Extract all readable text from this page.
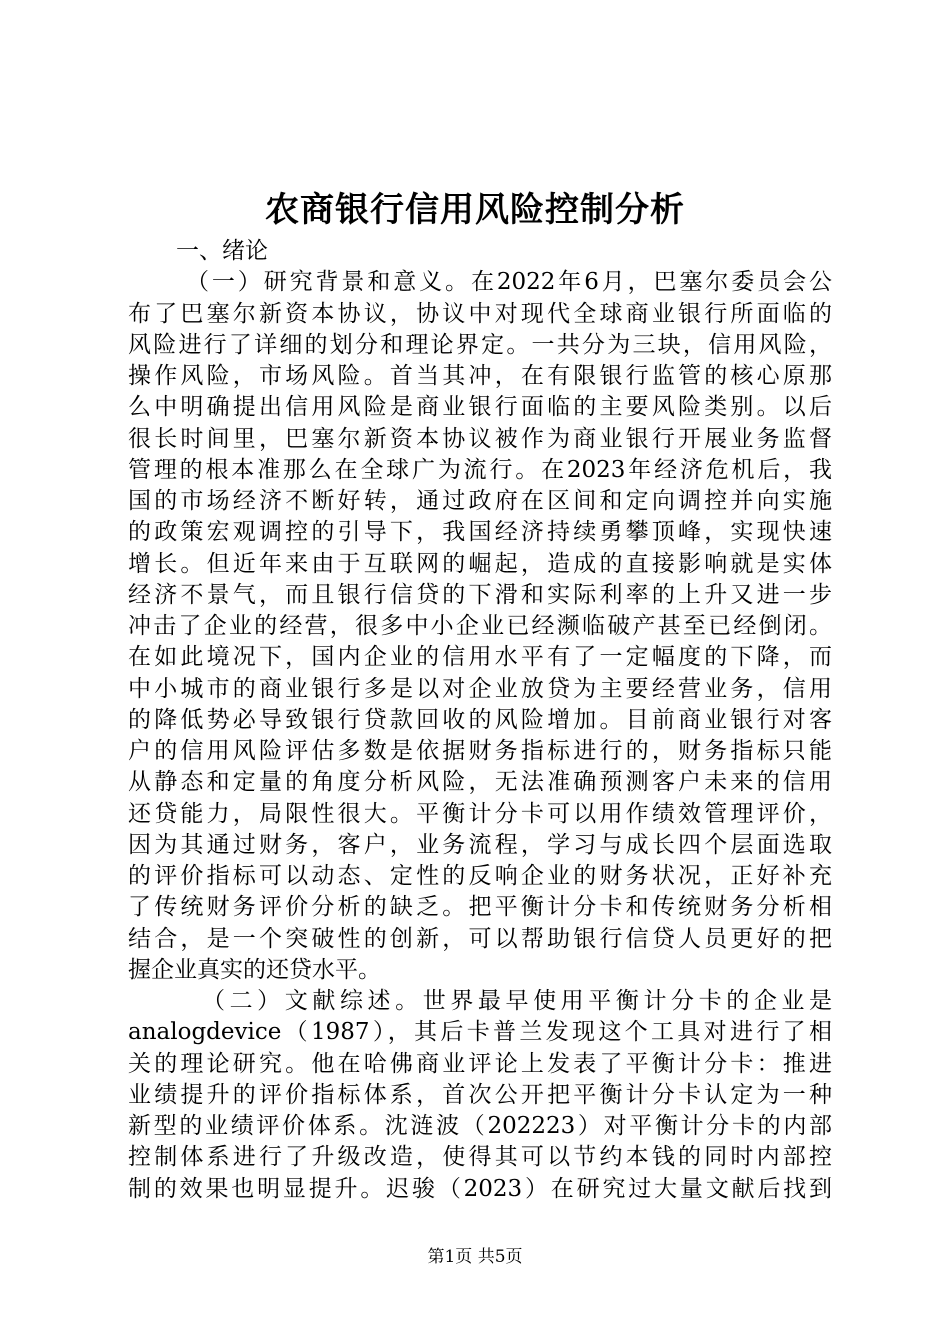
农商银行信用风险控制分析
一、绪论
（一）研究背景和意义。在2022年6月，巴塞尔委员会公
布了巴塞尔新资本协议，协议中对现代全球商业银行所面临的
风险进行了详细的划分和理论界定。一共分为三块，信用风险，
操作风险，市场风险。首当其冲，在有限银行监管的核心原那
么中明确提出信用风险是商业银行面临的主要风险类别。以后
很长时间里，巴塞尔新资本协议被作为商业银行开展业务监督
管理的根本准那么在全球广为流行。在2023年经济危机后，我
国的市场经济不断好转，通过政府在区间和定向调控并向实施
的政策宏观调控的引导下，我国经济持续勇攀顶峰，实现快速
增长。但近年来由于互联网的崛起，造成的直接影响就是实体
经济不景气，而且银行信贷的下滑和实际利率的上升又进一步
冲击了企业的经营，很多中小企业已经濒临破产甚至已经倒闭。
在如此境况下，国内企业的信用水平有了一定幅度的下降，而
中小城市的商业银行多是以对企业放贷为主要经营业务，信用
的降低势必导致银行贷款回收的风险增加。目前商业银行对客
户的信用风险评估多数是依据财务指标进行的，财务指标只能
从静态和定量的角度分析风险，无法准确预测客户未来的信用
还贷能力，局限性很大。平衡计分卡可以用作绩效管理评价，
因为其通过财务，客户，业务流程，学习与成长四个层面选取
的评价指标可以动态、定性的反响企业的财务状况，正好补充
了传统财务评价分析的缺乏。把平衡计分卡和传统财务分析相
结合，是一个突破性的创新，可以帮助银行信贷人员更好的把
握企业真实的还贷水平。
（二）文献综述。世界最早使用平衡计分卡的企业是
analogdevice（1987），其后卡普兰发现这个工具对进行了相
关的理论研究。他在哈佛商业评论上发表了平衡计分卡：推进
业绩提升的评价指标体系，首次公开把平衡计分卡认定为一种
新型的业绩评价体系。沈涟波（202223）对平衡计分卡的内部
控制体系进行了升级改造，使得其可以节约本钱的同时内部控
制的效果也明显提升。迟骏（2023）在研究过大量文献后找到
第1页 共5页
